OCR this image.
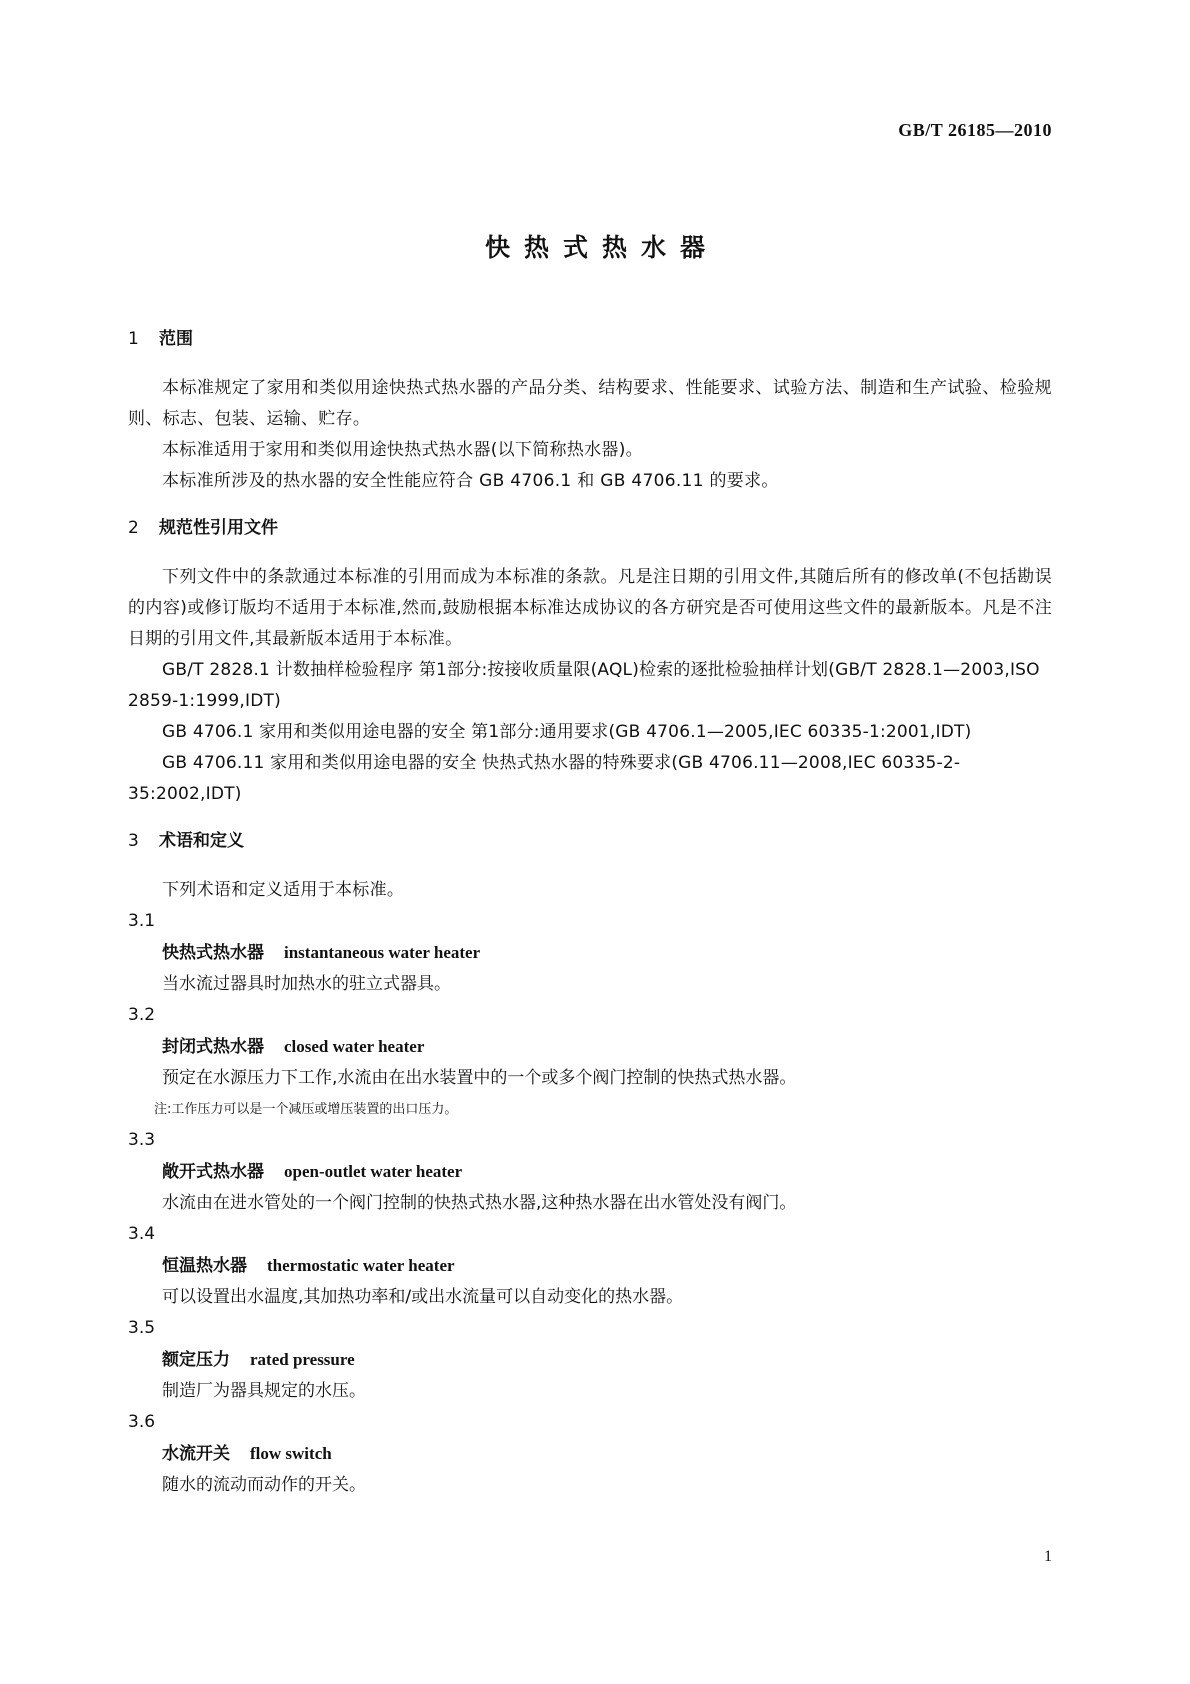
GB/T 26185—2010
快热式热水器
1 范围

本标准规定了家用和类似用途快热式热水器的产品分类、结构要求、性能要求、试验方法、制造和生产试验、检验规则、标志、包装、运输、贮存。

本标准适用于家用和类似用途快热式热水器(以下简称热水器)。

本标准所涉及的热水器的安全性能应符合 GB 4706.1 和 GB 4706.11 的要求。

2 规范性引用文件

下列文件中的条款通过本标准的引用而成为本标准的条款。凡是注日期的引用文件,其随后所有的修改单(不包括勘误的内容)或修订版均不适用于本标准,然而,鼓励根据本标准达成协议的各方研究是否可使用这些文件的最新版本。凡是不注日期的引用文件,其最新版本适用于本标准。

GB/T 2828.1 计数抽样检验程序 第1部分:按接收质量限(AQL)检索的逐批检验抽样计划(GB/T 2828.1—2003,ISO 2859-1:1999,IDT)

GB 4706.1 家用和类似用途电器的安全 第1部分:通用要求(GB 4706.1—2005,IEC 60335-1:2001,IDT)

GB 4706.11 家用和类似用途电器的安全 快热式热水器的特殊要求(GB 4706.11—2008,IEC 60335-2-35:2002,IDT)

3 术语和定义

下列术语和定义适用于本标准。

3.1

快热式热水器 instantaneous water heater

当水流过器具时加热水的驻立式器具。

3.2

封闭式热水器 closed water heater

预定在水源压力下工作,水流由在出水装置中的一个或多个阀门控制的快热式热水器。

注:工作压力可以是一个减压或增压装置的出口压力。

3.3

敞开式热水器 open-outlet water heater

水流由在进水管处的一个阀门控制的快热式热水器,这种热水器在出水管处没有阀门。

3.4

恒温热水器 thermostatic water heater

可以设置出水温度,其加热功率和/或出水流量可以自动变化的热水器。

3.5

额定压力 rated pressure

制造厂为器具规定的水压。

3.6

水流开关 flow switch

随水的流动而动作的开关。

1
